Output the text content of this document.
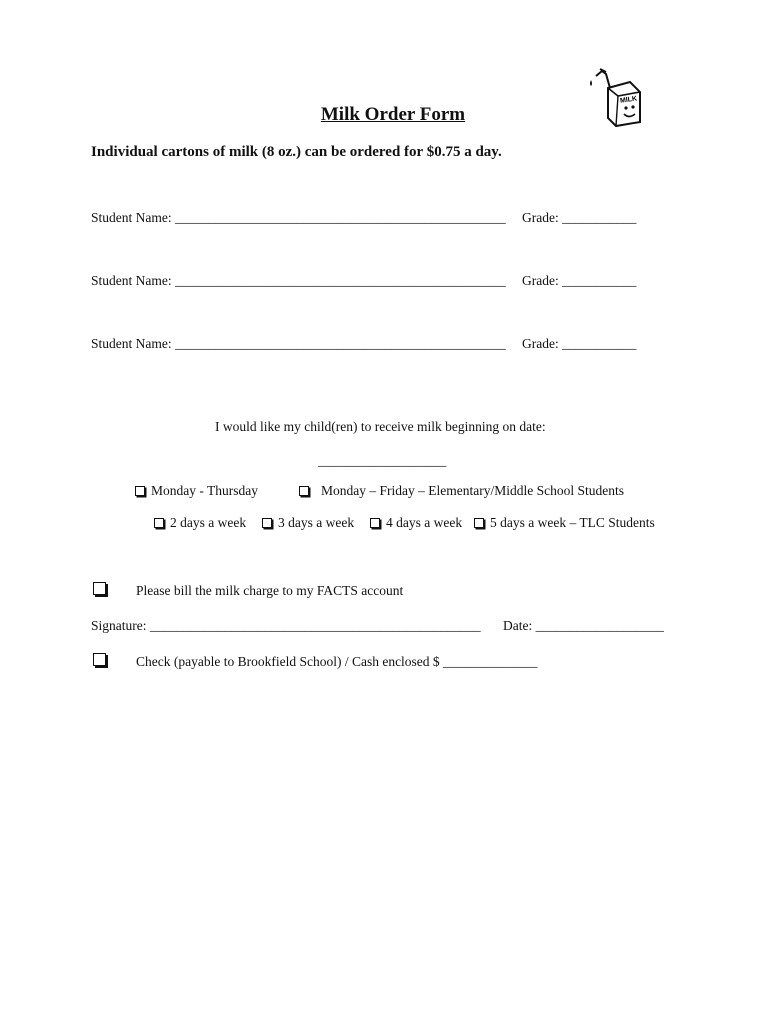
MILK
Milk Order Form
Individual cartons of milk (8 oz.) can be ordered for $0.75 a day.
Student Name: _________________________________________________ Grade: ___________
Student Name: _________________________________________________ Grade: ___________
Student Name: _________________________________________________ Grade: ___________
I would like my child(ren) to receive milk beginning on date:
___________________
Monday - Thursday	Monday – Friday – Elementary/Middle School Students
2 days a week	3 days a week	4 days a week	5 days a week – TLC Students
Please bill the milk charge to my FACTS account
Signature: _________________________________________________ Date: ___________________
Check (payable to Brookfield School) / Cash enclosed $ ______________
